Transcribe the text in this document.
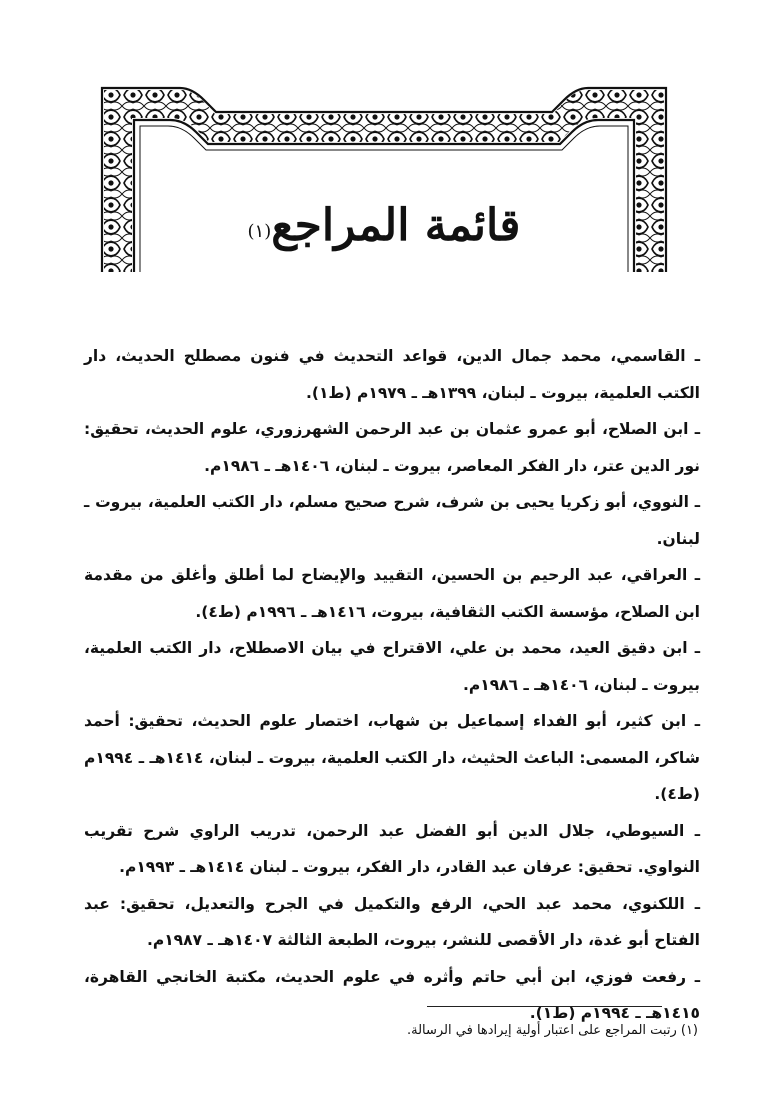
قائمة المراجع$^{(١)}$
ـ القاسمي، محمد جمال الدين، قواعد التحديث في فنون مصطلح الحديث، دار الكتب العلمية، بيروت ـ لبنان، ١٣٩٩هـ ـ ١٩٧٩م (ط١).
ـ ابن الصلاح، أبو عمرو عثمان بن عبد الرحمن الشهرزوري، علوم الحديث، تحقيق: نور الدين عتر، دار الفكر المعاصر، بيروت ـ لبنان، ١٤٠٦هـ ـ ١٩٨٦م.
ـ النووي، أبو زكريا يحيى بن شرف، شرح صحيح مسلم، دار الكتب العلمية، بيروت ـ لبنان.
ـ العراقي، عبد الرحيم بن الحسين، التقييد والإيضاح لما أطلق وأغلق من مقدمة ابن الصلاح، مؤسسة الكتب الثقافية، بيروت، ١٤١٦هـ ـ ١٩٩٦م (ط٤).
ـ ابن دقيق العيد، محمد بن علي، الاقتراح في بيان الاصطلاح، دار الكتب العلمية، بيروت ـ لبنان، ١٤٠٦هـ ـ ١٩٨٦م.
ـ ابن كثير، أبو الفداء إسماعيل بن شهاب، اختصار علوم الحديث، تحقيق: أحمد شاكر، المسمى: الباعث الحثيث، دار الكتب العلمية، بيروت ـ لبنان، ١٤١٤هـ ـ ١٩٩٤م (ط٤).
ـ السيوطي، جلال الدين أبو الفضل عبد الرحمن، تدريب الراوي شرح تقريب النواوي. تحقيق: عرفان عبد القادر، دار الفكر، بيروت ـ لبنان ١٤١٤هـ ـ ١٩٩٣م.
ـ اللكنوي، محمد عبد الحي، الرفع والتكميل في الجرح والتعديل، تحقيق: عبد الفتاح أبو غدة، دار الأقصى للنشر، بيروت، الطبعة الثالثة ١٤٠٧هـ ـ ١٩٨٧م.
ـ رفعت فوزي، ابن أبي حاتم وأثره في علوم الحديث، مكتبة الخانجي القاهرة، ١٤١٥هـ ـ ١٩٩٤م (ط١).
(١) رتبت المراجع على اعتبار أولية إيرادها في الرسالة.
